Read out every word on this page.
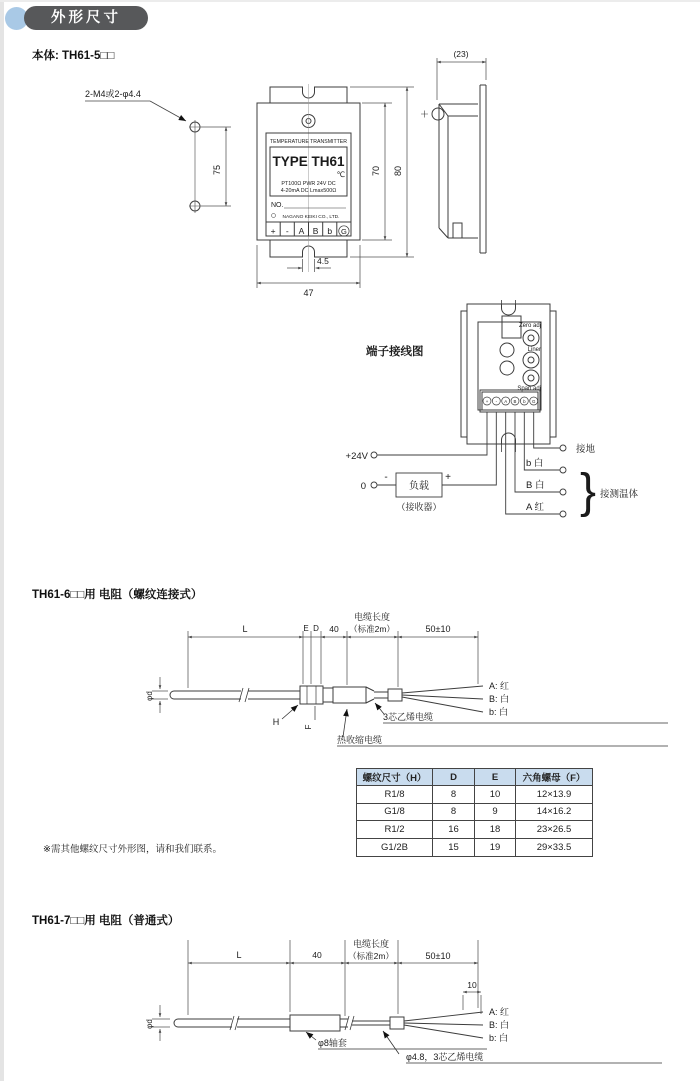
外形尺寸
本体: TH61-5□□
TH61-6□□用 电阻（螺纹连接式）
TH61-7□□用 电阻（普通式）
※需其他螺纹尺寸外形图，请和我们联系。
2-M4或2-φ4.4
75
TEMPERATURE TRANSMITTER
TYPE TH61
℃
PT100Ω PWR 24V DC
4-20mA DC Lmax500Ω
NO.
NAGANO KEIKI CO., LTD.
+ - A B b G
70 80
4.5
47
(23)
端子接线图
Zero adj
Liner
Span adj
+ - A B b G
+24V
0
-	+
负载
（接收器）
接地
b 白
B 白
A 红 } 接测温体
L	E D 40
电缆长度
（标准2m）	50±10
φd
A: 红
B: 白
b: 白
H	F
3芯乙烯电缆
热收缩电缆
螺纹尺寸（H）	D	E	六角螺母（F）
R1/8	8	10	12×13.9
G1/8	8	9	14×16.2
R1/2	16	18	23×26.5
G1/2B	15	19	29×33.5
L	40
电缆长度
（标准2m）	50±10
10
φd
A: 红
B: 白
b: 白
φ8轴套
φ4.8，3芯乙烯电缆
